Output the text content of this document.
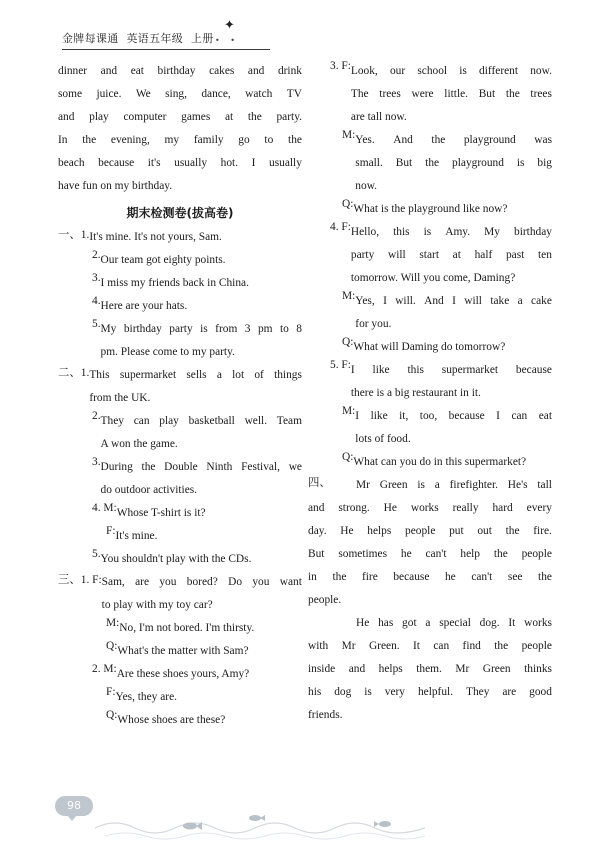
金牌每课通 英语五年级 上册
✦
• •
dinner and eat birthday cakes and drink
some juice. We sing, dance, watch TV
and play computer games at the party.
In the evening, my family go to the
beach because it's usually hot. I usually
have fun on my birthday.
期末检测卷(拔高卷)
一、1. It's mine. It's not yours, Sam.
2. Our team got eighty points.
3. I miss my friends back in China.
4. Here are your hats.
5. My birthday party is from 3 pm to 8
pm. Please come to my party.
二、1. This supermarket sells a lot of things
from the UK.
2. They can play basketball well. Team
A won the game.
3. During the Double Ninth Festival, we
do outdoor activities.
4. M: Whose T-shirt is it?
F: It's mine.
5. You shouldn't play with the CDs.
三、1. F: Sam, are you bored? Do you want
to play with my toy car?
M: No, I'm not bored. I'm thirsty.
Q: What's the matter with Sam?
2. M: Are these shoes yours, Amy?
F: Yes, they are.
Q: Whose shoes are these?
3. F: Look, our school is different now.
The trees were little. But the trees
are tall now.
M: Yes. And the playground was
small. But the playground is big
now.
Q: What is the playground like now?
4. F: Hello, this is Amy. My birthday
party will start at half past ten
tomorrow. Will you come, Daming?
M: Yes, I will. And I will take a cake
for you.
Q: What will Daming do tomorrow?
5. F: I like this supermarket because
there is a big restaurant in it.
M: I like it, too, because I can eat
lots of food.
Q: What can you do in this supermarket?
四、	Mr Green is a firefighter. He's tall
and strong. He works really hard every
day. He helps people put out the fire.
But sometimes he can't help the people
in the fire because he can't see the
people.
He has got a special dog. It works
with Mr Green. It can find the people
inside and helps them. Mr Green thinks
his dog is very helpful. They are good
friends.
98
